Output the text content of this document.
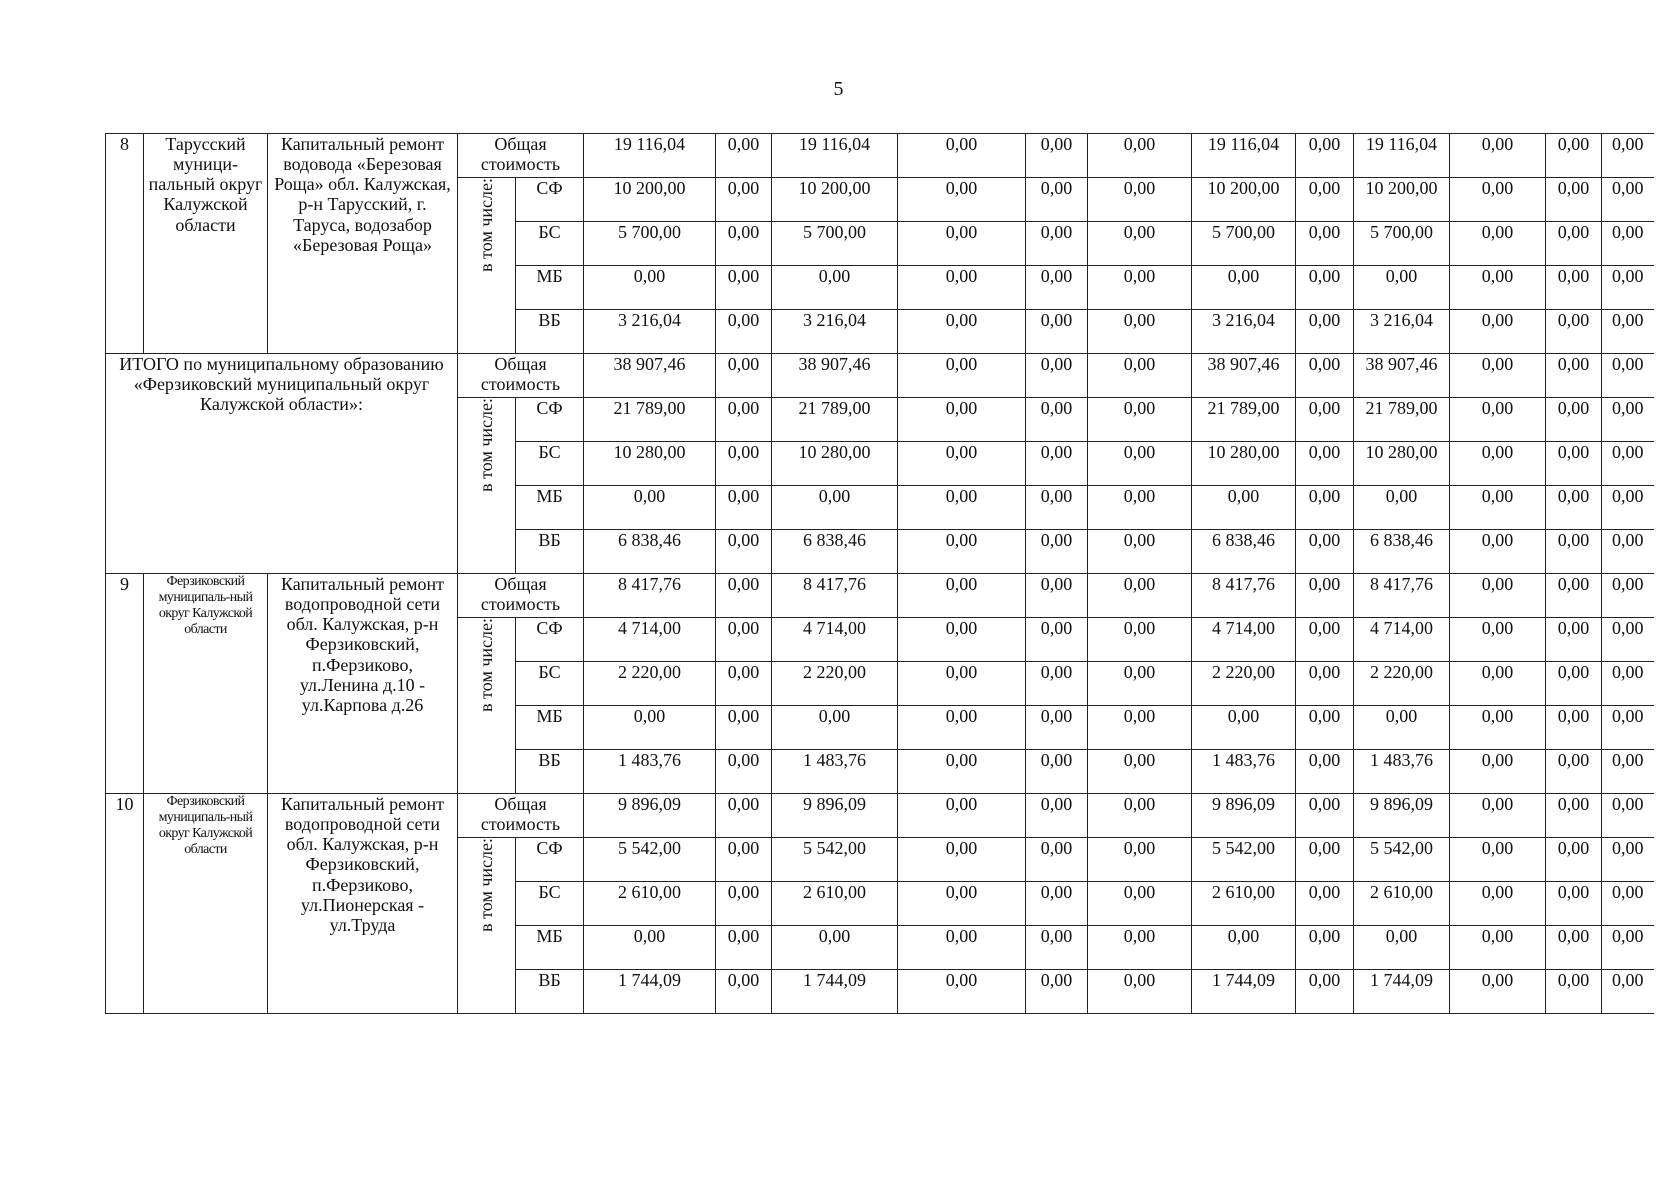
5
8	Тарусский муници-пальный округ Калужской области	Капитальный ремонт водовода «Березовая Роща» обл. Калужская, р-н Тарусский, г. Таруса, водозабор «Березовая Роща»	Общая стоимость		19 116,04	0,00	19 116,04	0,00	0,00	0,00	19 116,04	0,00	19 116,04	0,00	0,00	0,00

			в том числе:	СФ	10 200,00	0,00	10 200,00	0,00	0,00	0,00	10 200,00	0,00	10 200,00	0,00	0,00	0,00
				БС	5 700,00	0,00	5 700,00	0,00	0,00	0,00	5 700,00	0,00	5 700,00	0,00	0,00	0,00
				МБ	0,00	0,00	0,00	0,00	0,00	0,00	0,00	0,00	0,00	0,00	0,00	0,00
				ВБ	3 216,04	0,00	3 216,04	0,00	0,00	0,00	3 216,04	0,00	3 216,04	0,00	0,00	0,00
ИТОГО по муниципальному образованию «Ферзиковский муниципальный округ Калужской области»:			Общая стоимость		38 907,46	0,00	38 907,46	0,00	0,00	0,00	38 907,46	0,00	38 907,46	0,00	0,00	0,00

			в том числе:	СФ	21 789,00	0,00	21 789,00	0,00	0,00	0,00	21 789,00	0,00	21 789,00	0,00	0,00	0,00
				БС	10 280,00	0,00	10 280,00	0,00	0,00	0,00	10 280,00	0,00	10 280,00	0,00	0,00	0,00
				МБ	0,00	0,00	0,00	0,00	0,00	0,00	0,00	0,00	0,00	0,00	0,00	0,00
				ВБ	6 838,46	0,00	6 838,46	0,00	0,00	0,00	6 838,46	0,00	6 838,46	0,00	0,00	0,00
9	Ферзиковский муниципаль-ный округ Калужской области	Капитальный ремонт водопроводной сети обл. Калужская, р-н Ферзиковский, п.Ферзиково, ул.Ленина д.10 - ул.Карпова д.26	Общая стоимость		8 417,76	0,00	8 417,76	0,00	0,00	0,00	8 417,76	0,00	8 417,76	0,00	0,00	0,00

			в том числе:	СФ	4 714,00	0,00	4 714,00	0,00	0,00	0,00	4 714,00	0,00	4 714,00	0,00	0,00	0,00
				БС	2 220,00	0,00	2 220,00	0,00	0,00	0,00	2 220,00	0,00	2 220,00	0,00	0,00	0,00
				МБ	0,00	0,00	0,00	0,00	0,00	0,00	0,00	0,00	0,00	0,00	0,00	0,00
				ВБ	1 483,76	0,00	1 483,76	0,00	0,00	0,00	1 483,76	0,00	1 483,76	0,00	0,00	0,00
10	Ферзиковский муниципаль-ный округ Калужской области	Капитальный ремонт водопроводной сети обл. Калужская, р-н Ферзиковский, п.Ферзиково, ул.Пионерская - ул.Труда	Общая стоимость		9 896,09	0,00	9 896,09	0,00	0,00	0,00	9 896,09	0,00	9 896,09	0,00	0,00	0,00

			в том числе:	СФ	5 542,00	0,00	5 542,00	0,00	0,00	0,00	5 542,00	0,00	5 542,00	0,00	0,00	0,00
				БС	2 610,00	0,00	2 610,00	0,00	0,00	0,00	2 610,00	0,00	2 610,00	0,00	0,00	0,00
				МБ	0,00	0,00	0,00	0,00	0,00	0,00	0,00	0,00	0,00	0,00	0,00	0,00
				ВБ	1 744,09	0,00	1 744,09	0,00	0,00	0,00	1 744,09	0,00	1 744,09	0,00	0,00	0,00
